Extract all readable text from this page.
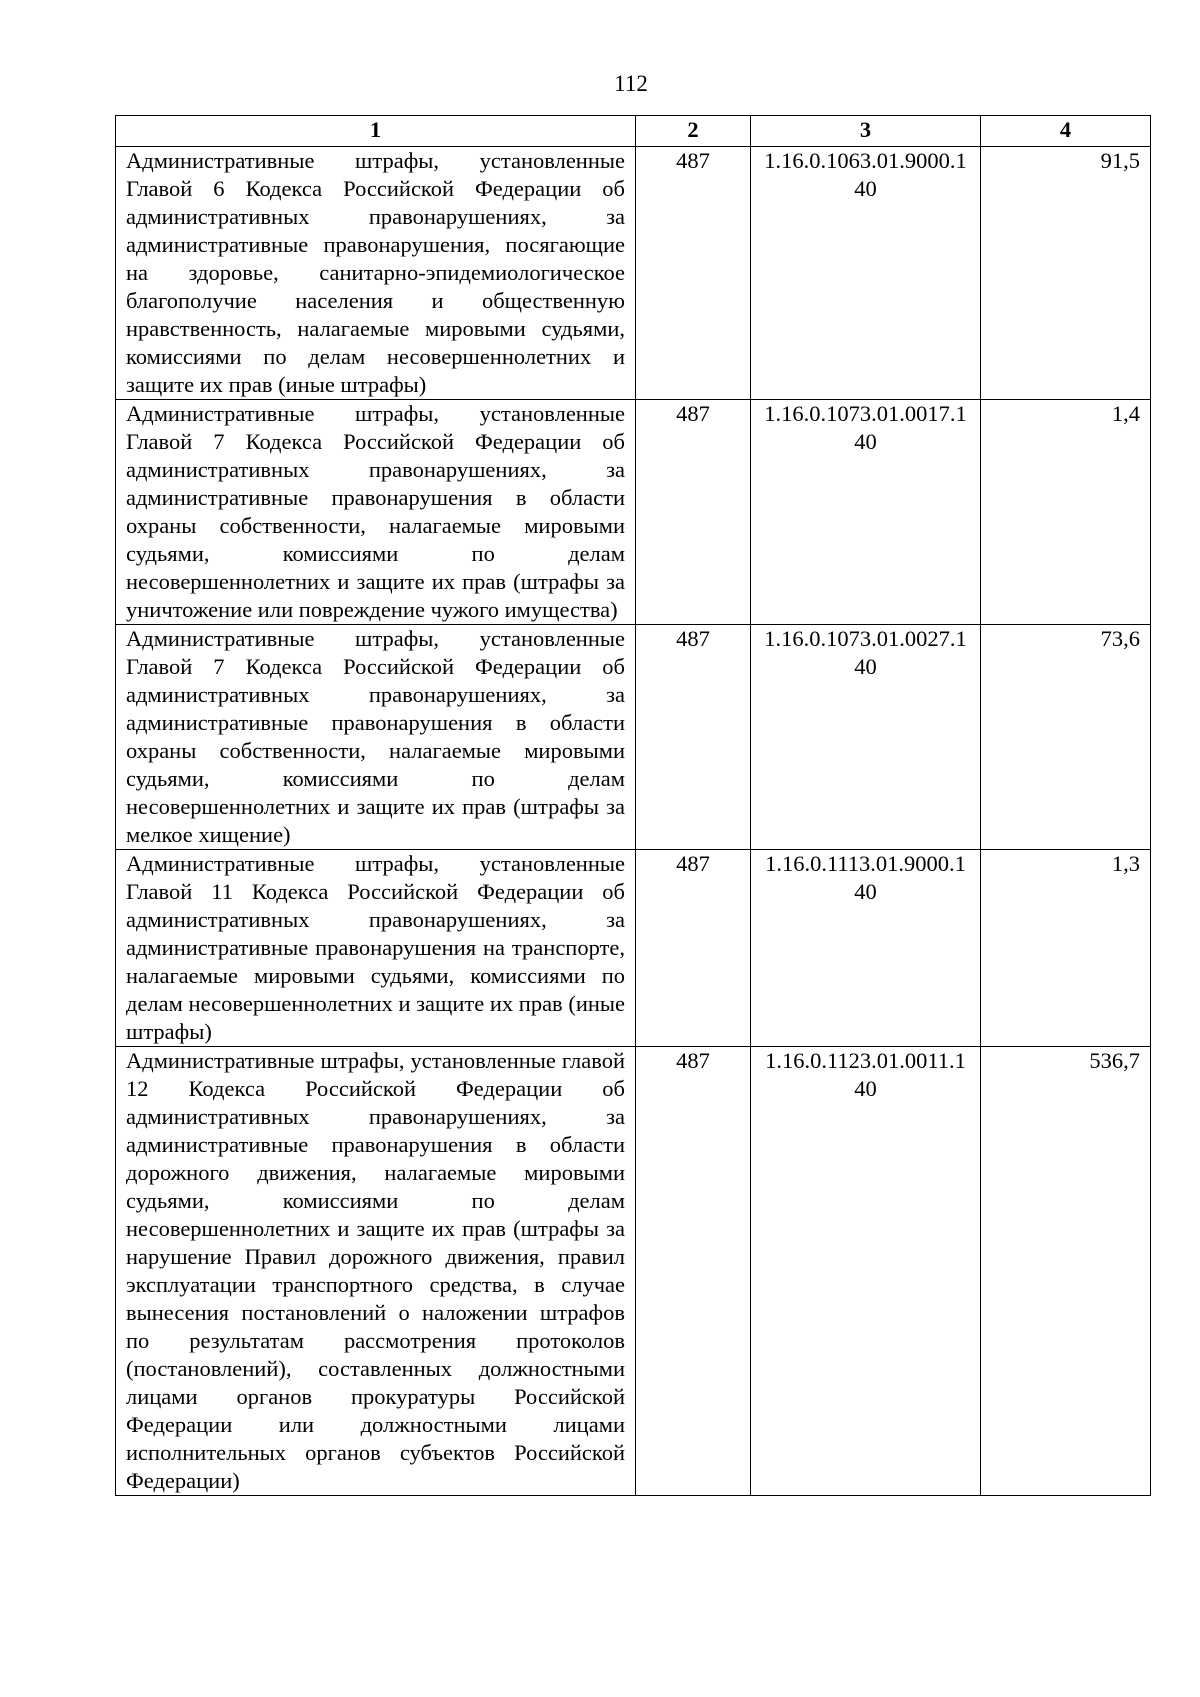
112
1	2	3	4
Административные штрафы, установленные Главой 6 Кодекса Российской Федерации об административных правонарушениях, за административные правонарушения, посягающие на здоровье, санитарно-эпидемиологическое благополучие населения и общественную нравственность, налагаемые мировыми судьями, комиссиями по делам несовершеннолетних и защите их прав (иные штрафы)	487	1.16.0.1063.01.9000.140	91,5
Административные штрафы, установленные Главой 7 Кодекса Российской Федерации об административных правонарушениях, за административные правонарушения в области охраны собственности, налагаемые мировыми судьями, комиссиями по делам несовершеннолетних и защите их прав (штрафы за уничтожение или повреждение чужого имущества)	487	1.16.0.1073.01.0017.140	1,4
Административные штрафы, установленные Главой 7 Кодекса Российской Федерации об административных правонарушениях, за административные правонарушения в области охраны собственности, налагаемые мировыми судьями, комиссиями по делам несовершеннолетних и защите их прав (штрафы за мелкое хищение)	487	1.16.0.1073.01.0027.140	73,6
Административные штрафы, установленные Главой 11 Кодекса Российской Федерации об административных правонарушениях, за административные правонарушения на транспорте, налагаемые мировыми судьями, комиссиями по делам несовершеннолетних и защите их прав (иные штрафы)	487	1.16.0.1113.01.9000.140	1,3
Административные штрафы, установленные главой 12 Кодекса Российской Федерации об административных правонарушениях, за административные правонарушения в области дорожного движения, налагаемые мировыми судьями, комиссиями по делам несовершеннолетних и защите их прав (штрафы за нарушение Правил дорожного движения, правил эксплуатации транспортного средства, в случае вынесения постановлений о наложении штрафов по результатам рассмотрения протоколов (постановлений), составленных должностными лицами органов прокуратуры Российской Федерации или должностными лицами исполнительных органов субъектов Российской Федерации)	487	1.16.0.1123.01.0011.140	536,7
